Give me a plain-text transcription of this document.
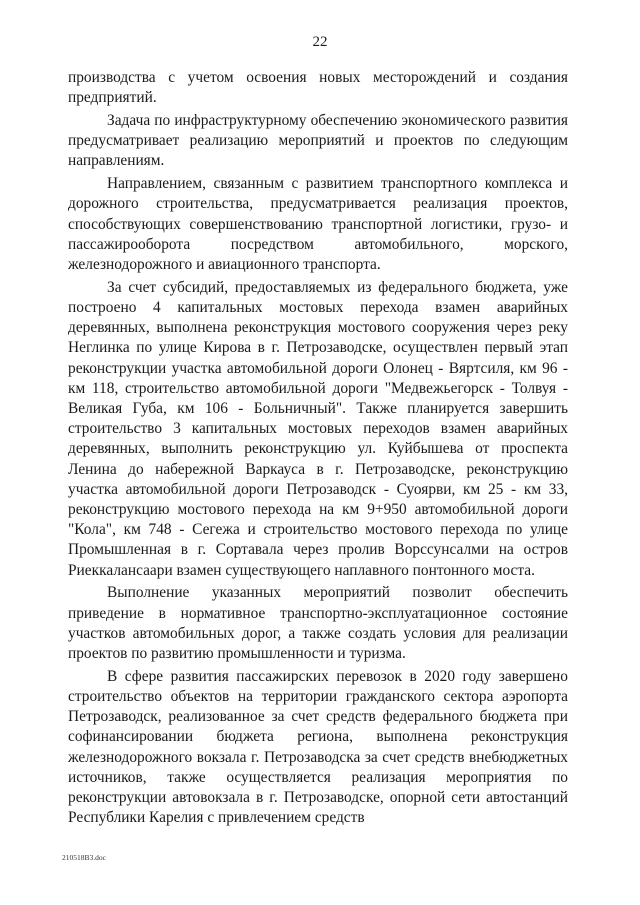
22

производства с учетом освоения новых месторождений и создания предприятий.

Задача по инфраструктурному обеспечению экономического развития предусматривает реализацию мероприятий и проектов по следующим направлениям.

Направлением, связанным с развитием транспортного комплекса и дорожного строительства, предусматривается реализация проектов, способствующих совершенствованию транспортной логистики, грузо- и пассажирооборота посредством автомобильного, морского, железнодорожного и авиационного транспорта.

За счет субсидий, предоставляемых из федерального бюджета, уже построено 4 капитальных мостовых перехода взамен аварийных деревянных, выполнена реконструкция мостового сооружения через реку Неглинка по улице Кирова в г. Петрозаводске, осуществлен первый этап реконструкции участка автомобильной дороги Олонец - Вяртсиля, км 96 - км 118, строительство автомобильной дороги "Медвежьегорск - Толвуя - Великая Губа, км 106 - Больничный". Также планируется завершить строительство 3 капитальных мостовых переходов взамен аварийных деревянных, выполнить реконструкцию ул. Куйбышева от проспекта Ленина до набережной Варкауса в г. Петрозаводске, реконструкцию участка автомобильной дороги Петрозаводск - Суоярви, км 25 - км 33, реконструкцию мостового перехода на км 9+950 автомобильной дороги "Кола", км 748 - Сегежа и строительство мостового перехода по улице Промышленная в г. Сортавала через пролив Ворссунсалми на остров Риеккалансаари взамен существующего наплавного понтонного моста.

Выполнение указанных мероприятий позволит обеспечить приведение в нормативное транспортно-эксплуатационное состояние участков автомобильных дорог, а также создать условия для реализации проектов по развитию промышленности и туризма.

В сфере развития пассажирских перевозок в 2020 году завершено строительство объектов на территории гражданского сектора аэропорта Петрозаводск, реализованное за счет средств федерального бюджета при софинансировании бюджета региона, выполнена реконструкция железнодорожного вокзала г. Петрозаводска за счет средств внебюджетных источников, также осуществляется реализация мероприятия по реконструкции автовокзала в г. Петрозаводске, опорной сети автостанций Республики Карелия с привлечением средств

210518В3.doc
